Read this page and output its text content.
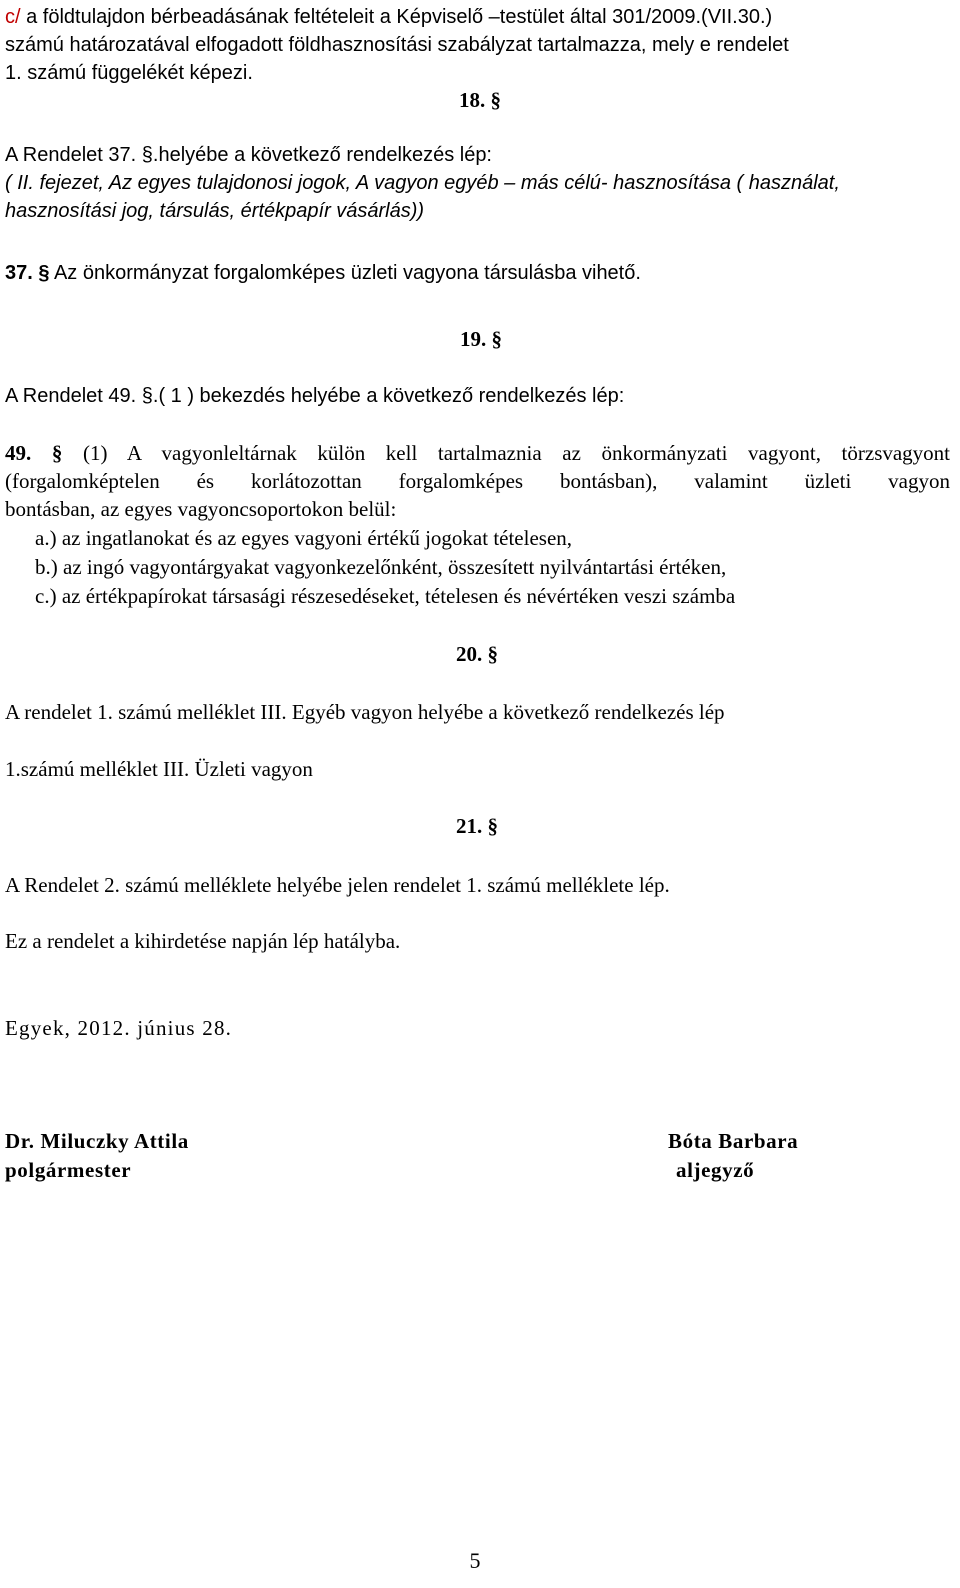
c/ a földtulajdon bérbeadásának feltételeit a Képviselő –testület által 301/2009.(VII.30.)
számú határozatával elfogadott földhasznosítási szabályzat tartalmazza, mely e rendelet
1. számú függelékét képezi.
18. §
A Rendelet 37. §.helyébe a következő rendelkezés lép:
( II. fejezet, Az egyes tulajdonosi jogok, A vagyon egyéb – más célú- hasznosítása ( használat,
hasznosítási jog, társulás, értékpapír vásárlás))
37. § Az önkormányzat forgalomképes üzleti vagyona társulásba vihető.
19. §
A Rendelet 49. §.( 1 ) bekezdés helyébe a következő rendelkezés lép:
49. § (1) A vagyonleltárnak külön kell tartalmaznia az önkormányzati vagyont, törzsvagyont
(forgalomképtelen és korlátozottan forgalomképes bontásban), valamint üzleti vagyon
bontásban, az egyes vagyoncsoportokon belül:
a.) az ingatlanokat és az egyes vagyoni értékű jogokat tételesen,
b.) az ingó vagyontárgyakat vagyonkezelőnként, összesített nyilvántartási értéken,
c.) az értékpapírokat társasági részesedéseket, tételesen és névértéken veszi számba
20. §
A rendelet 1. számú melléklet III. Egyéb vagyon helyébe a következő rendelkezés lép
1.számú melléklet III. Üzleti vagyon
21. §
A Rendelet 2. számú melléklete helyébe jelen rendelet 1. számú melléklete lép.
Ez a rendelet a kihirdetése napján lép hatályba.
Egyek, 2012. június 28.
Dr. Miluczky Attila
polgármester
Bóta Barbara
aljegyző
5
